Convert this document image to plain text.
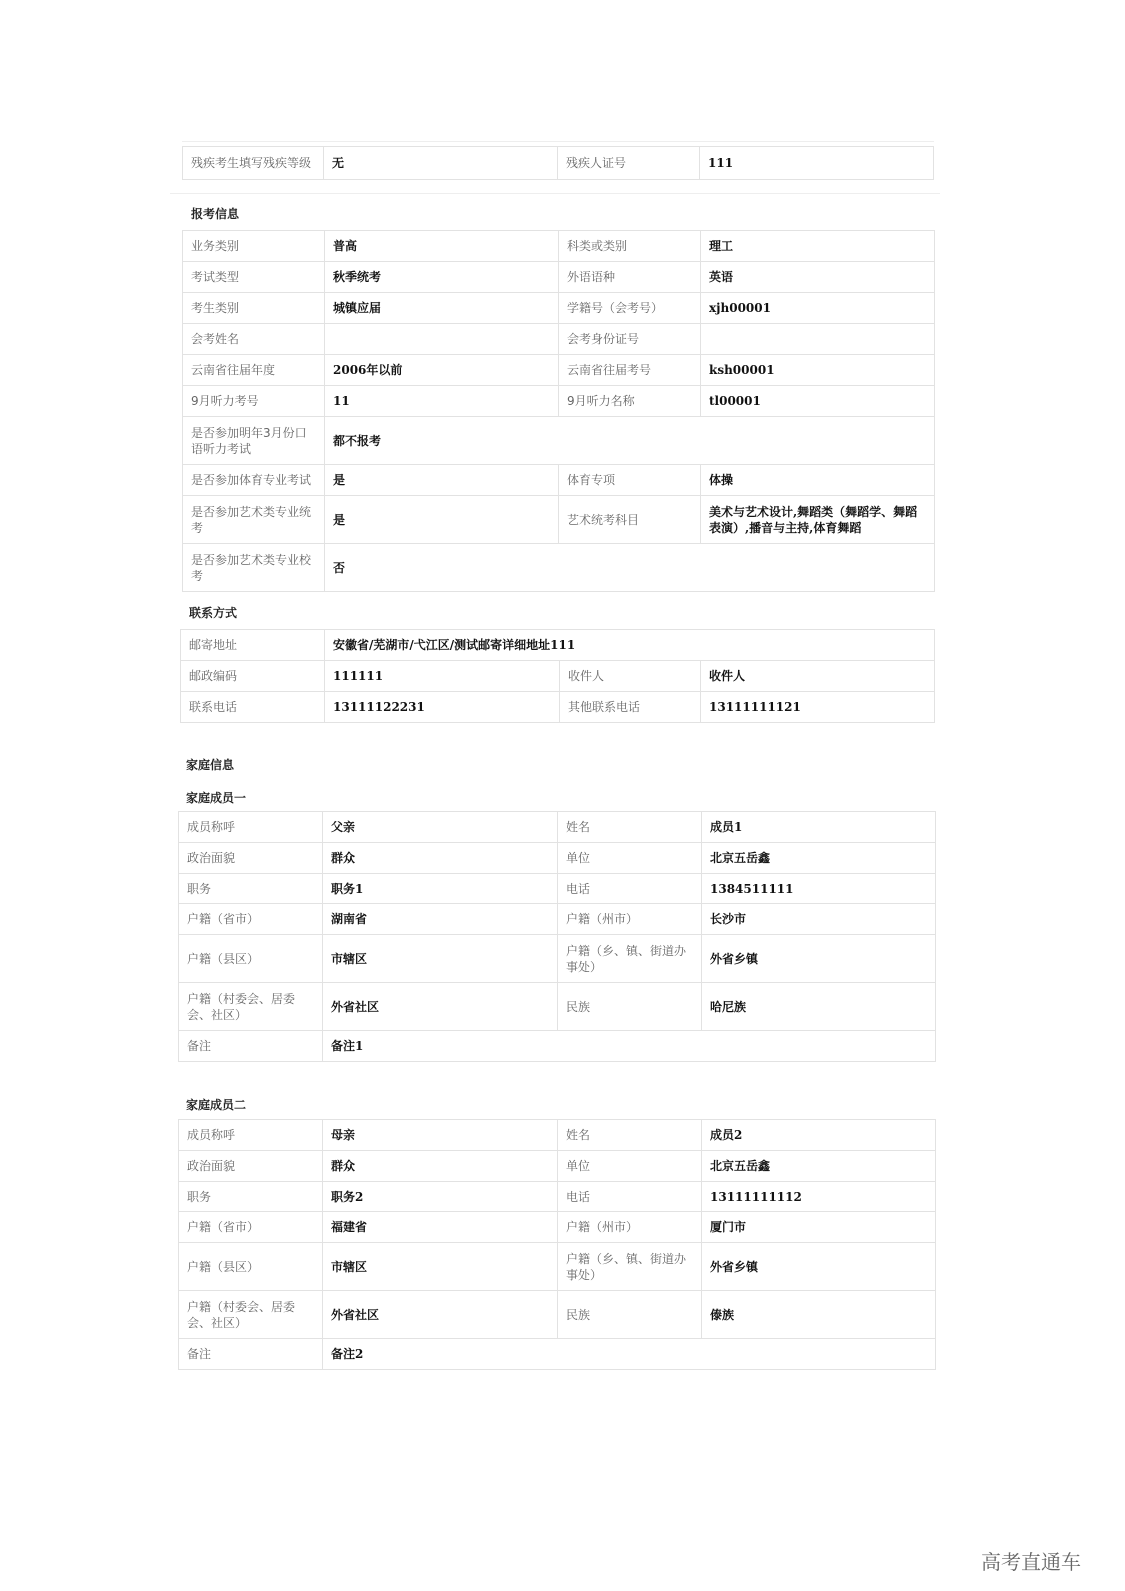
残疾考生填写残疾等级	无	残疾人证号	111
报考信息
业务类别	普高	科类或类别	理工
考试类型	秋季统考	外语语种	英语
考生类别	城镇应届	学籍号（会考号）	xjh00001
会考姓名		会考身份证号	
云南省往届年度	2006年以前	云南省往届考号	ksh00001
9月听力考号	11	9月听力名称	tl00001
是否参加明年3月份口语听力考试	都不报考		
是否参加体育专业考试	是	体育专项	体操
是否参加艺术类专业统考	是	艺术统考科目	美术与艺术设计,舞蹈类（舞蹈学、舞蹈表演）,播音与主持,体育舞蹈
是否参加艺术类专业校考	否		
联系方式
邮寄地址	安徽省/芜湖市/弋江区/测试邮寄详细地址111		
邮政编码	111111	收件人	收件人
联系电话	13111122231	其他联系电话	13111111121
家庭信息
家庭成员一
成员称呼	父亲	姓名	成员1
政治面貌	群众	单位	北京五岳鑫
职务	职务1	电话	1384511111
户籍（省市）	湖南省	户籍（州市）	长沙市
户籍（县区）	市辖区	户籍（乡、镇、街道办事处）	外省乡镇
户籍（村委会、居委会、社区）	外省社区	民族	哈尼族
备注	备注1		
家庭成员二
成员称呼	母亲	姓名	成员2
政治面貌	群众	单位	北京五岳鑫
职务	职务2	电话	13111111112
户籍（省市）	福建省	户籍（州市）	厦门市
户籍（县区）	市辖区	户籍（乡、镇、街道办事处）	外省乡镇
户籍（村委会、居委会、社区）	外省社区	民族	傣族
备注	备注2		
高考直通车
